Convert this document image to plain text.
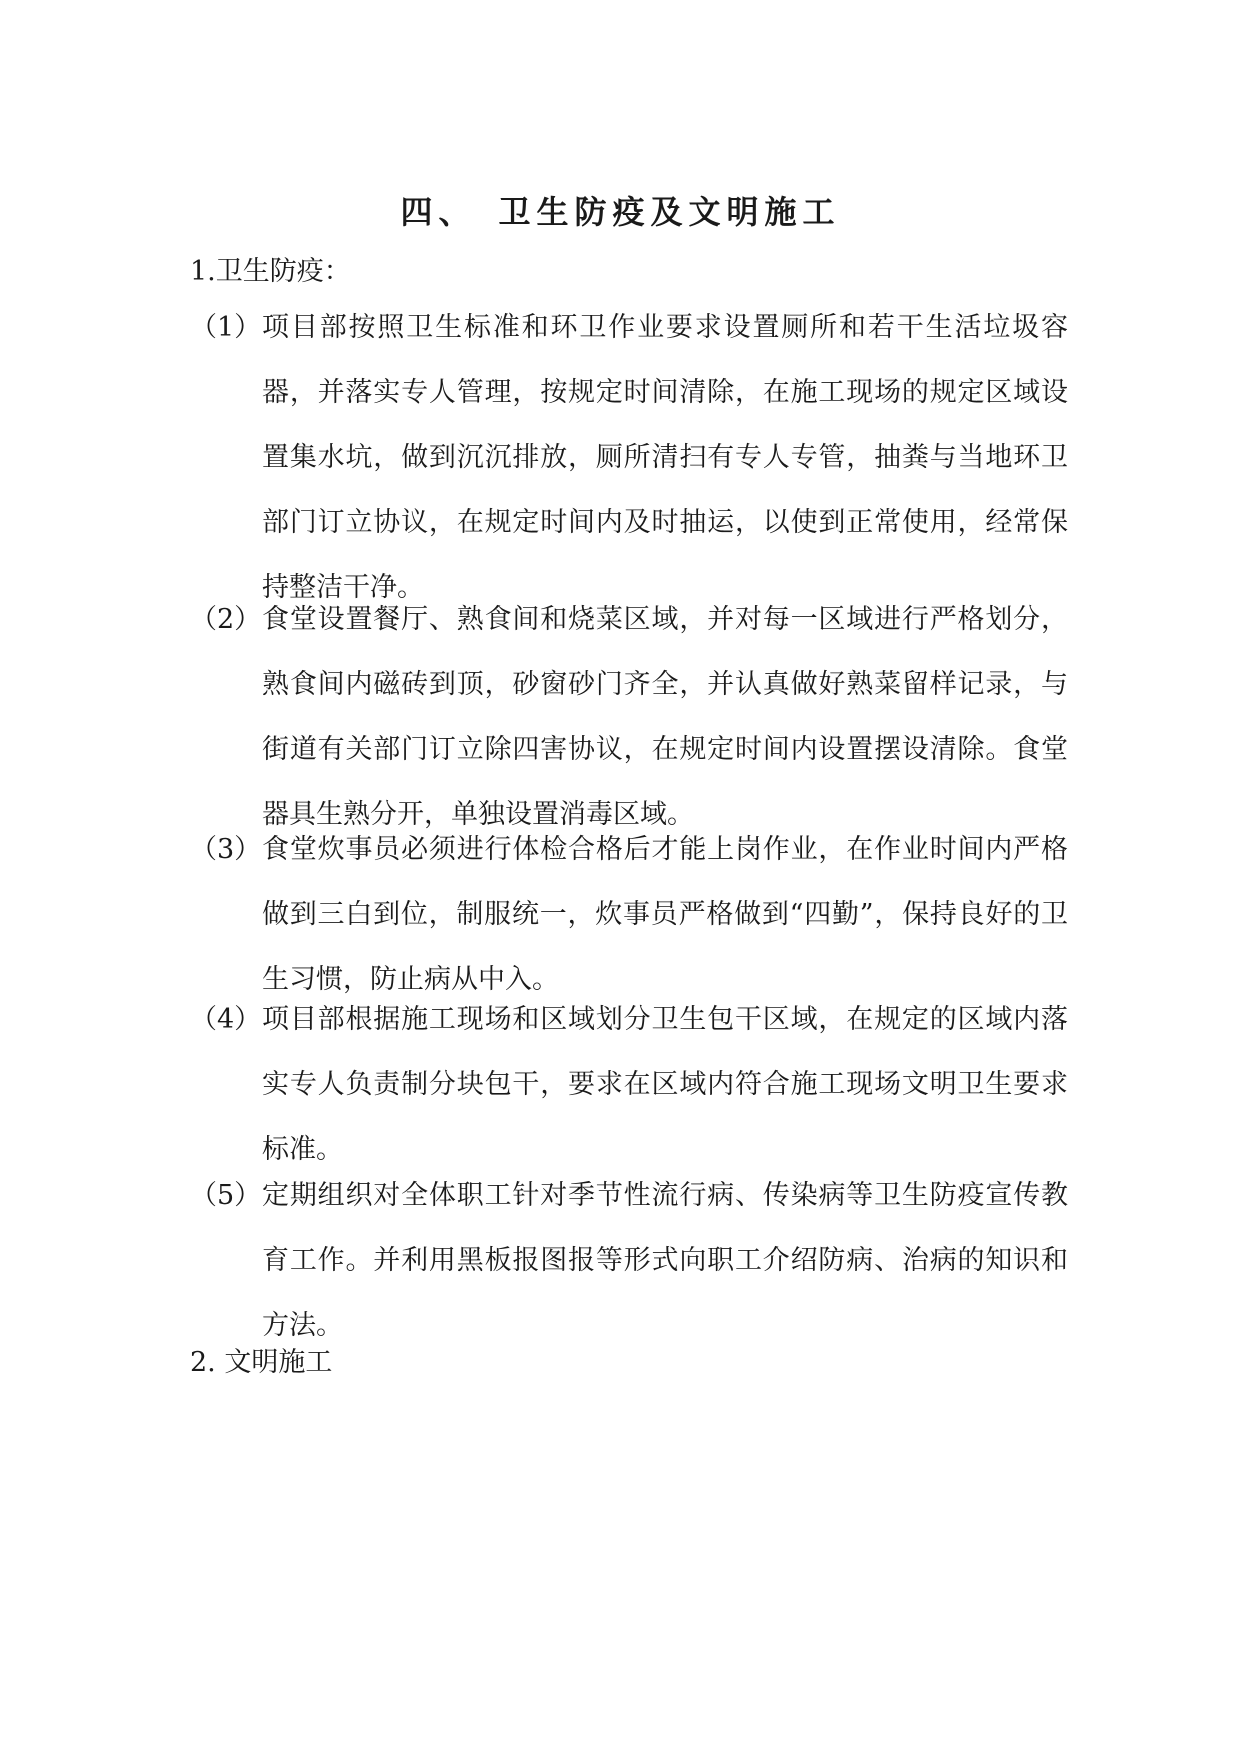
四、 卫生防疫及文明施工
1.卫生防疫：
（1） 项目部按照卫生标准和环卫作业要求设置厕所和若干生活垃圾容器，并落实专人管理，按规定时间清除，在施工现场的规定区域设置集水坑，做到沉沉排放，厕所清扫有专人专管，抽粪与当地环卫部门订立协议，在规定时间内及时抽运，以使到正常使用，经常保持整洁干净。
（2） 食堂设置餐厅、熟食间和烧菜区域，并对每一区域进行严格划分，熟食间内磁砖到顶，砂窗砂门齐全，并认真做好熟菜留样记录，与街道有关部门订立除四害协议，在规定时间内设置摆设清除。食堂器具生熟分开，单独设置消毒区域。
（3） 食堂炊事员必须进行体检合格后才能上岗作业，在作业时间内严格做到三白到位，制服统一，炊事员严格做到“四勤”，保持良好的卫生习惯，防止病从中入。
（4） 项目部根据施工现场和区域划分卫生包干区域，在规定的区域内落实专人负责制分块包干，要求在区域内符合施工现场文明卫生要求标准。
（5） 定期组织对全体职工针对季节性流行病、传染病等卫生防疫宣传教育工作。并利用黑板报图报等形式向职工介绍防病、治病的知识和方法。
2. 文明施工
